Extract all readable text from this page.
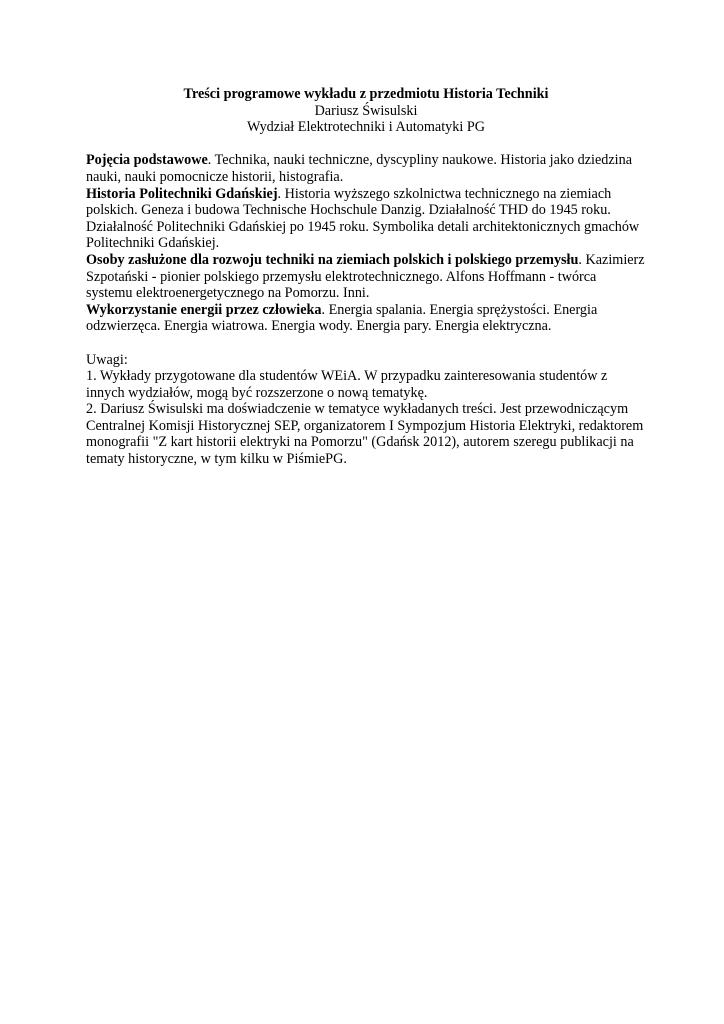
Treści programowe wykładu z przedmiotu Historia Techniki

Dariusz Świsulski

Wydział Elektrotechniki i Automatyki PG

Pojęcia podstawowe. Technika, nauki techniczne, dyscypliny naukowe. Historia jako dziedzina nauki, nauki pomocnicze historii, histografia.

Historia Politechniki Gdańskiej. Historia wyższego szkolnictwa technicznego na ziemiach polskich. Geneza i budowa Technische Hochschule Danzig. Działalność THD do 1945 roku. Działalność Politechniki Gdańskiej po 1945 roku. Symbolika detali architektonicznych gmachów Politechniki Gdańskiej.

Osoby zasłużone dla rozwoju techniki na ziemiach polskich i polskiego przemysłu. Kazimierz Szpotański - pionier polskiego przemysłu elektrotechnicznego. Alfons Hoffmann - twórca systemu elektroenergetycznego na Pomorzu. Inni.

Wykorzystanie energii przez człowieka. Energia spalania. Energia sprężystości. Energia odzwierzęca. Energia wiatrowa. Energia wody. Energia pary. Energia elektryczna.

Uwagi:

1. Wykłady przygotowane dla studentów WEiA. W przypadku zainteresowania studentów z innych wydziałów, mogą być rozszerzone o nową tematykę.

2. Dariusz Świsulski ma doświadczenie w tematyce wykładanych treści. Jest przewodniczącym Centralnej Komisji Historycznej SEP, organizatorem I Sympozjum Historia Elektryki, redaktorem monografii "Z kart historii elektryki na Pomorzu" (Gdańsk 2012), autorem szeregu publikacji na tematy historyczne, w tym kilku w PiśmiePG.
